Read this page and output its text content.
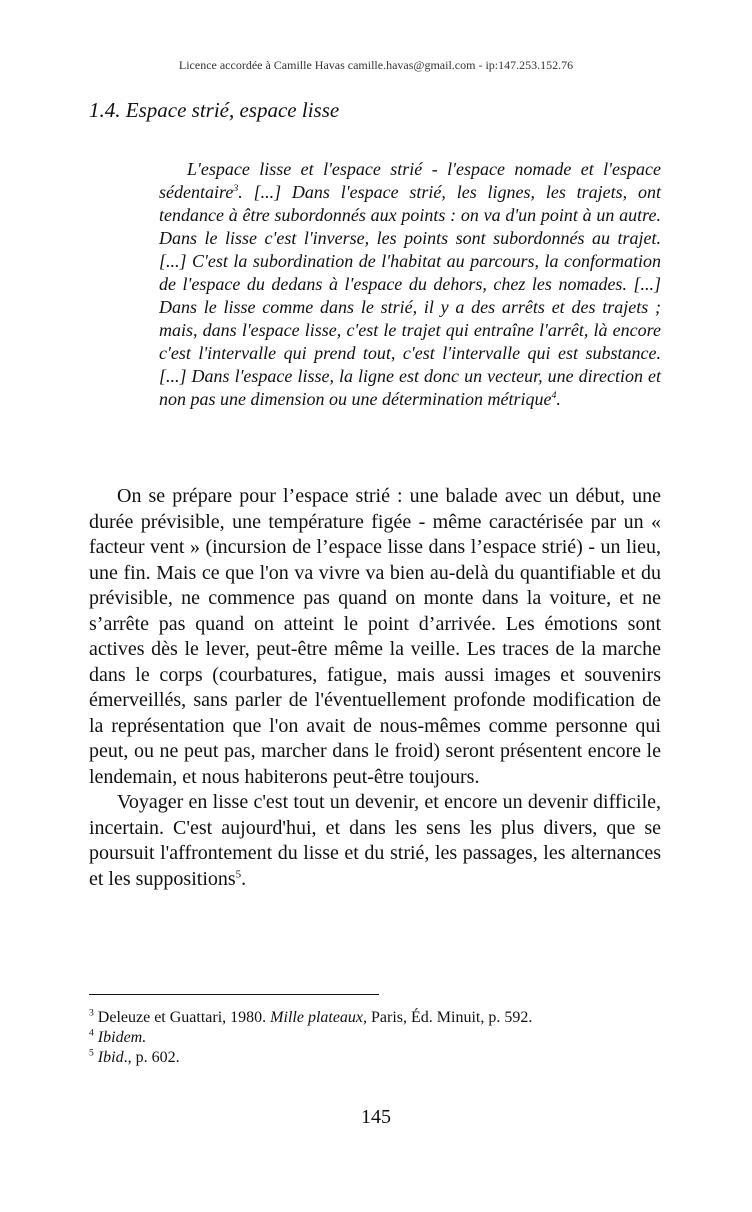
Licence accordée à Camille Havas camille.havas@gmail.com - ip:147.253.152.76
1.4. Espace strié, espace lisse

L'espace lisse et l'espace strié - l'espace nomade et l'espace sédentaire$^3$. [...] Dans l'espace strié, les lignes, les trajets, ont tendance à être subordonnés aux points : on va d'un point à un autre. Dans le lisse c'est l'inverse, les points sont subordonnés au trajet. [...] C'est la subordination de l'habitat au parcours, la conformation de l'espace du dedans à l'espace du dehors, chez les nomades. [...] Dans le lisse comme dans le strié, il y a des arrêts et des trajets ; mais, dans l'espace lisse, c'est le trajet qui entraîne l'arrêt, là encore c'est l'intervalle qui prend tout, c'est l'intervalle qui est substance. [...] Dans l'espace lisse, la ligne est donc un vecteur, une direction et non pas une dimension ou une détermination métrique$^4$.

On se prépare pour l’espace strié : une balade avec un début, une durée prévisible, une température figée - même caractérisée par un « facteur vent » (incursion de l’espace lisse dans l’espace strié) - un lieu, une fin. Mais ce que l'on va vivre va bien au-delà du quantifiable et du prévisible, ne commence pas quand on monte dans la voiture, et ne s’arrête pas quand on atteint le point d’arrivée. Les émotions sont actives dès le lever, peut-être même la veille. Les traces de la marche dans le corps (courbatures, fatigue, mais aussi images et souvenirs émerveillés, sans parler de l'éventuellement profonde modification de la représentation que l'on avait de nous-mêmes comme personne qui peut, ou ne peut pas, marcher dans le froid) seront présentent encore le lendemain, et nous habiterons peut-être toujours.

Voyager en lisse c'est tout un devenir, et encore un devenir difficile, incertain. C'est aujourd'hui, et dans les sens les plus divers, que se poursuit l'affrontement du lisse et du strié, les passages, les alternances et les suppositions$^5$.

$^3$ Deleuze et Guattari, 1980. Mille plateaux, Paris, Éd. Minuit, p. 592.
$^4$ Ibidem.
$^5$ Ibid., p. 602.
145
